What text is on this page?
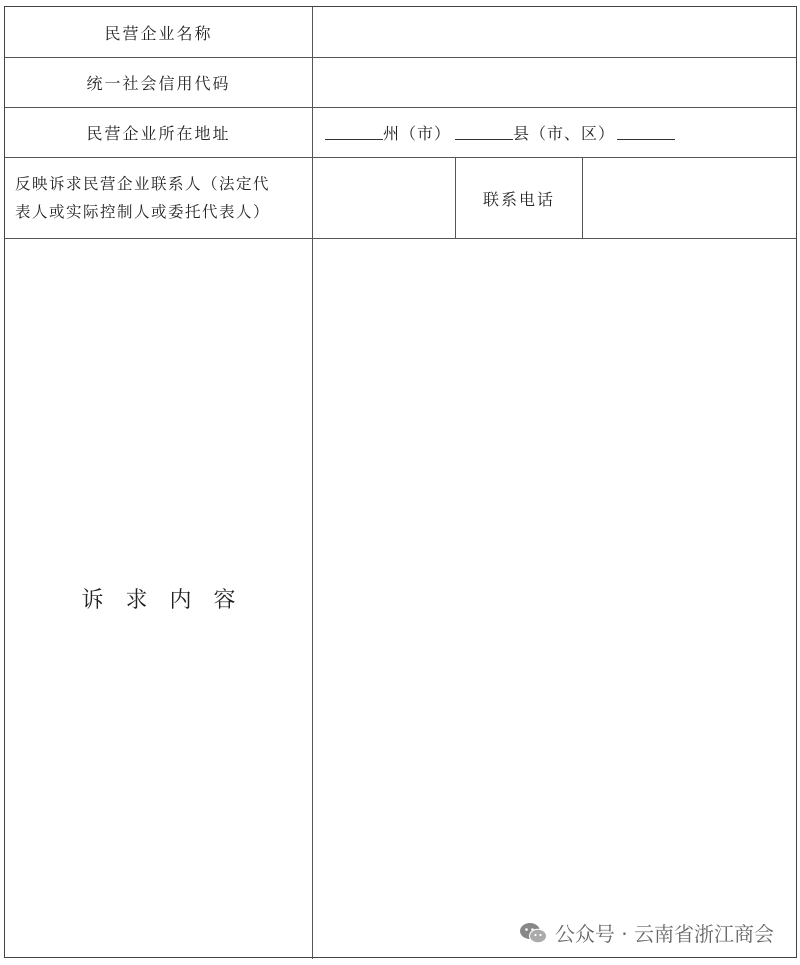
民营企业名称
统一社会信用代码
民营企业所在地址	州（市）	县（市、区）
反映诉求民营企业联系人（法定代
表人或实际控制人或委托代表人）
联系电话
诉 求 内 容
公众号 · 云南省浙江商会
